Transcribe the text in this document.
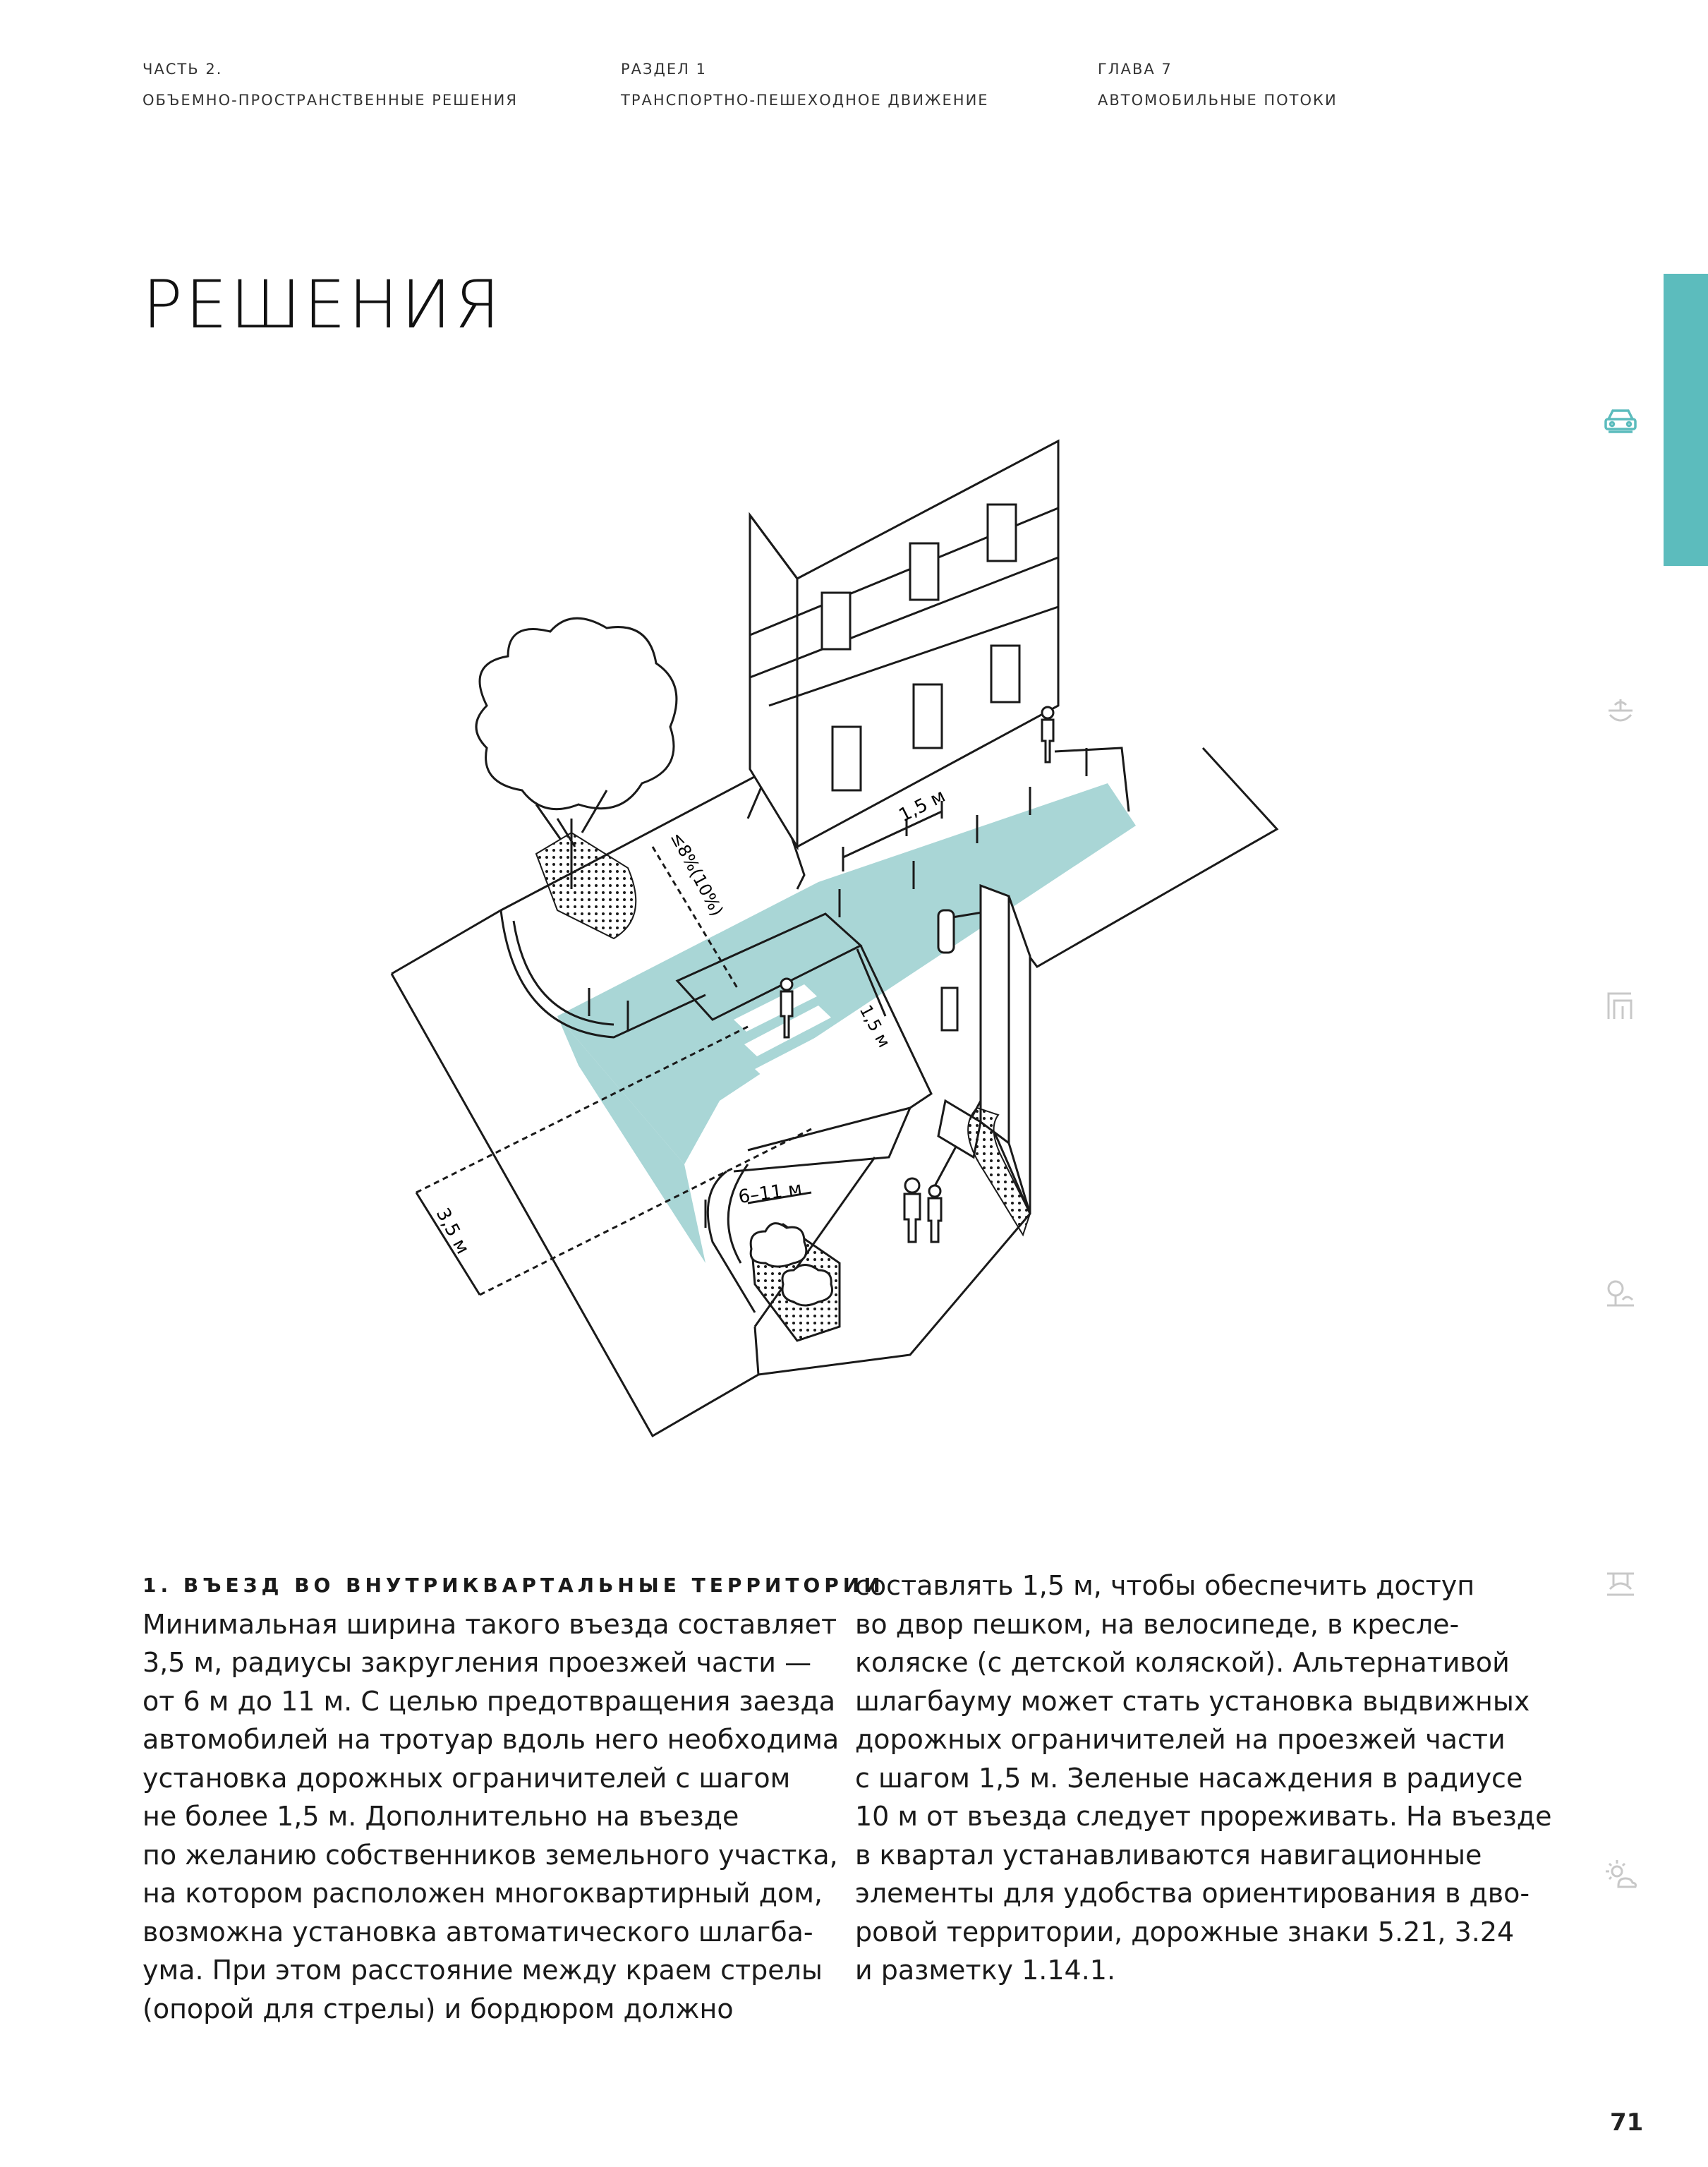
ЧАСТЬ 2.
ОБЪЕМНО-ПРОСТРАНСТВЕННЫЕ РЕШЕНИЯ
РАЗДЕЛ 1
ТРАНСПОРТНО-ПЕШЕХОДНОЕ ДВИЖЕНИЕ
ГЛАВА 7
АВТОМОБИЛЬНЫЕ ПОТОКИ
РЕШЕНИЯ
1,5 м
≤8%(10%)
1,5 м
6–11 м
3,5 м

1. ВЪЕЗД ВО ВНУТРИКВАРТАЛЬНЫЕ ТЕРРИТОРИИ

Минимальная ширина такого въезда составляет

3,5 м, радиусы закругления проезжей части —

от 6 м до 11 м. С целью предотвращения заезда

автомобилей на тротуар вдоль него необходима

установка дорожных ограничителей с шагом

не более 1,5 м. Дополнительно на въезде

по желанию собственников земельного участка,

на котором расположен многоквартирный дом,

возможна установка автоматического шлагба-

ума. При этом расстояние между краем стрелы

(опорой для стрелы) и бордюром должно

составлять 1,5 м, чтобы обеспечить доступ

во двор пешком, на велосипеде, в кресле-

коляске (с детской коляской). Альтернативой

шлагбауму может стать установка выдвижных

дорожных ограничителей на проезжей части

с шагом 1,5 м. Зеленые насаждения в радиусе

10 м от въезда следует прореживать. На въезде

в квартал устанавливаются навигационные

элементы для удобства ориентирования в дво-

ровой территории, дорожные знаки 5.21, 3.24

и разметку 1.14.1.

71
